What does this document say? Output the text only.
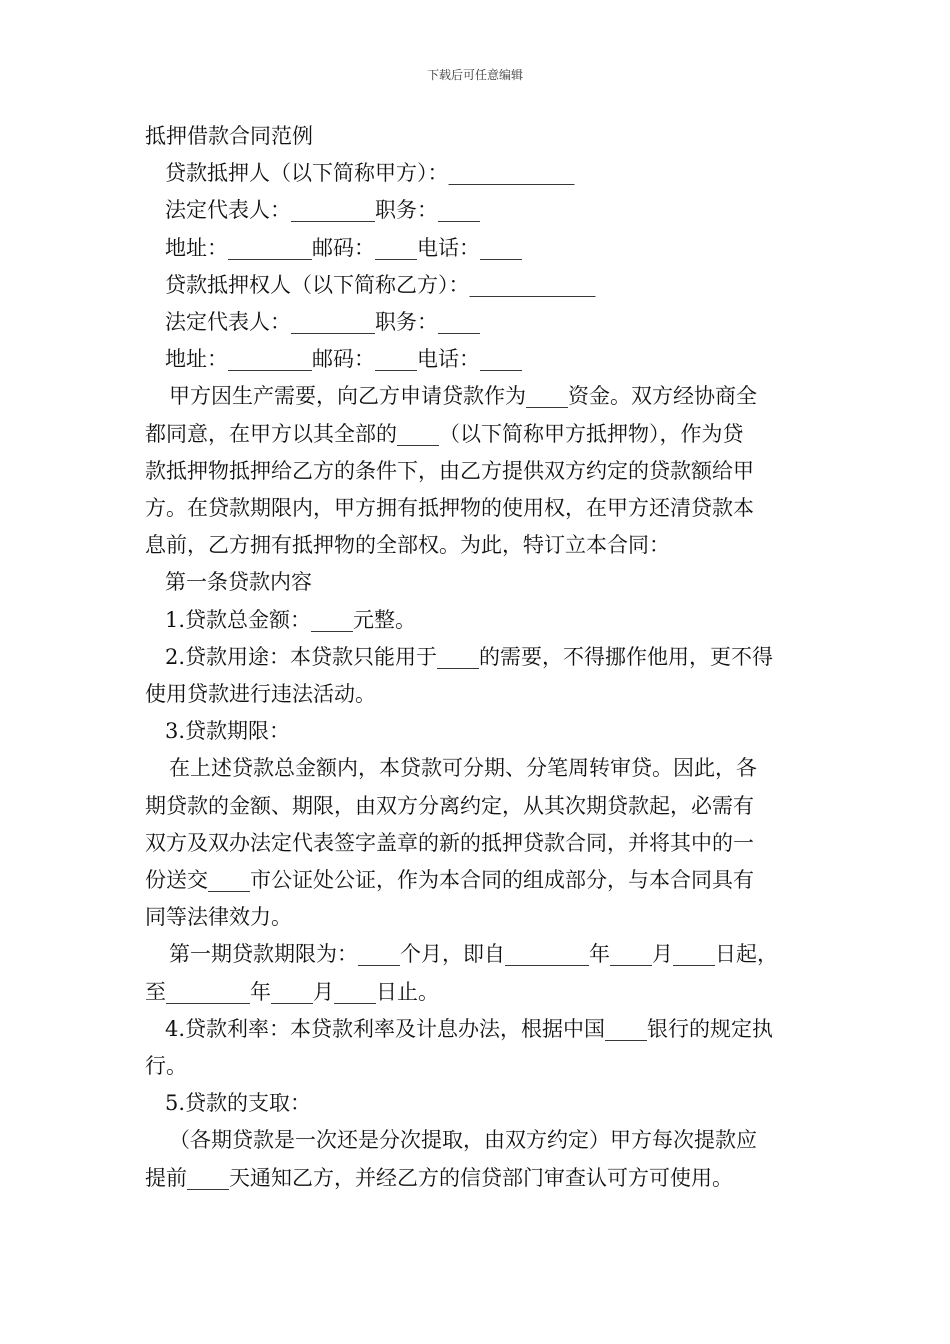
下载后可任意编辑

抵押借款合同范例

贷款抵押人（以下简称甲方）：____________

法定代表人：________职务：____

地址：________邮码：____电话：____

贷款抵押权人（以下简称乙方）：____________

法定代表人：________职务：____

地址：________邮码：____电话：____

甲方因生产需要，向乙方申请贷款作为____资金。双方经协商全

都同意，在甲方以其全部的____（以下简称甲方抵押物），作为贷

款抵押物抵押给乙方的条件下，由乙方提供双方约定的贷款额给甲

方。在贷款期限内，甲方拥有抵押物的使用权，在甲方还清贷款本

息前，乙方拥有抵押物的全部权。为此，特订立本合同：

第一条贷款内容

1.贷款总金额：____元整。

2.贷款用途：本贷款只能用于____的需要，不得挪作他用，更不得

使用贷款进行违法活动。

3.贷款期限：

在上述贷款总金额内，本贷款可分期、分笔周转审贷。因此，各

期贷款的金额、期限，由双方分离约定，从其次期贷款起，必需有

双方及双办法定代表签字盖章的新的抵押贷款合同，并将其中的一

份送交____市公证处公证，作为本合同的组成部分，与本合同具有

同等法律效力。

第一期贷款期限为：____个月，即自________年____月____日起，

至________年____月____日止。

4.贷款利率：本贷款利率及计息办法，根据中国____银行的规定执

行。

5.贷款的支取：

（各期贷款是一次还是分次提取，由双方约定）甲方每次提款应

提前____天通知乙方，并经乙方的信贷部门审查认可方可使用。
